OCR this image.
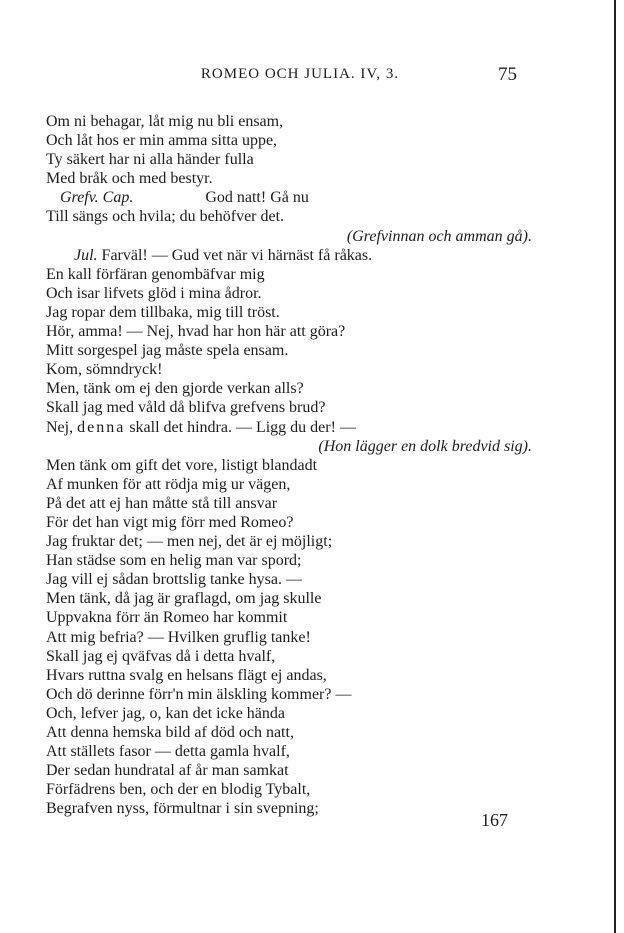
ROMEO OCH JULIA. IV, 3.	75
Om ni behagar, låt mig nu bli ensam,
Och låt hos er min amma sitta uppe,
Ty säkert har ni alla händer fulla
Med bråk och med bestyr.
Grefv. Cap.	God natt! Gå nu
Till sängs och hvila; du behöfver det.
(Grefvinnan och amman gå).
Jul. Farväl! — Gud vet när vi härnäst få råkas.
En kall förfäran genombäfvar mig
Och isar lifvets glöd i mina ådror.
Jag ropar dem tillbaka, mig till tröst.
Hör, amma! — Nej, hvad har hon här att göra?
Mitt sorgespel jag måste spela ensam.
Kom, sömndryck!
Men, tänk om ej den gjorde verkan alls?
Skall jag med våld då blifva grefvens brud?
Nej, denna skall det hindra. — Ligg du der! —
(Hon lägger en dolk bredvid sig).
Men tänk om gift det vore, listigt blandadt
Af munken för att rödja mig ur vägen,
På det att ej han måtte stå till ansvar
För det han vigt mig förr med Romeo?
Jag fruktar det; — men nej, det är ej möjligt;
Han städse som en helig man var spord;
Jag vill ej sådan brottslig tanke hysa. —
Men tänk, då jag är graflagd, om jag skulle
Uppvakna förr än Romeo har kommit
Att mig befria? — Hvilken gruflig tanke!
Skall jag ej qväfvas då i detta hvalf,
Hvars ruttna svalg en helsans flägt ej andas,
Och dö derinne förr'n min älskling kommer? —
Och, lefver jag, o, kan det icke hända
Att denna hemska bild af död och natt,
Att ställets fasor — detta gamla hvalf,
Der sedan hundratal af år man samkat
Förfädrens ben, och der en blodig Tybalt,
Begrafven nyss, förmultnar i sin svepning;
167
